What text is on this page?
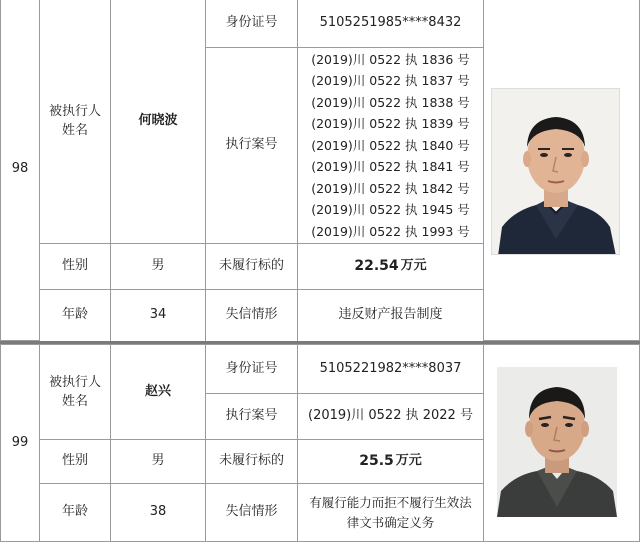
98
被执行人
姓名
何晓波
身份证号	5105251985****8432
执行案号
(2019)川 0522 执 1836 号
(2019)川 0522 执 1837 号
(2019)川 0522 执 1838 号
(2019)川 0522 执 1839 号
(2019)川 0522 执 1840 号
(2019)川 0522 执 1841 号
(2019)川 0522 执 1842 号
(2019)川 0522 执 1945 号
(2019)川 0522 执 1993 号
性别	男	未履行标的	22.54 万元
年龄	34	失信情形	违反财产报告制度
99
被执行人
姓名
赵兴
身份证号	5105221982****8037
执行案号 (2019)川 0522 执 2022 号
性别	男	未履行标的	25.5 万元
年龄	38	失信情形
有履行能力而拒不履行生效法
律文书确定义务
